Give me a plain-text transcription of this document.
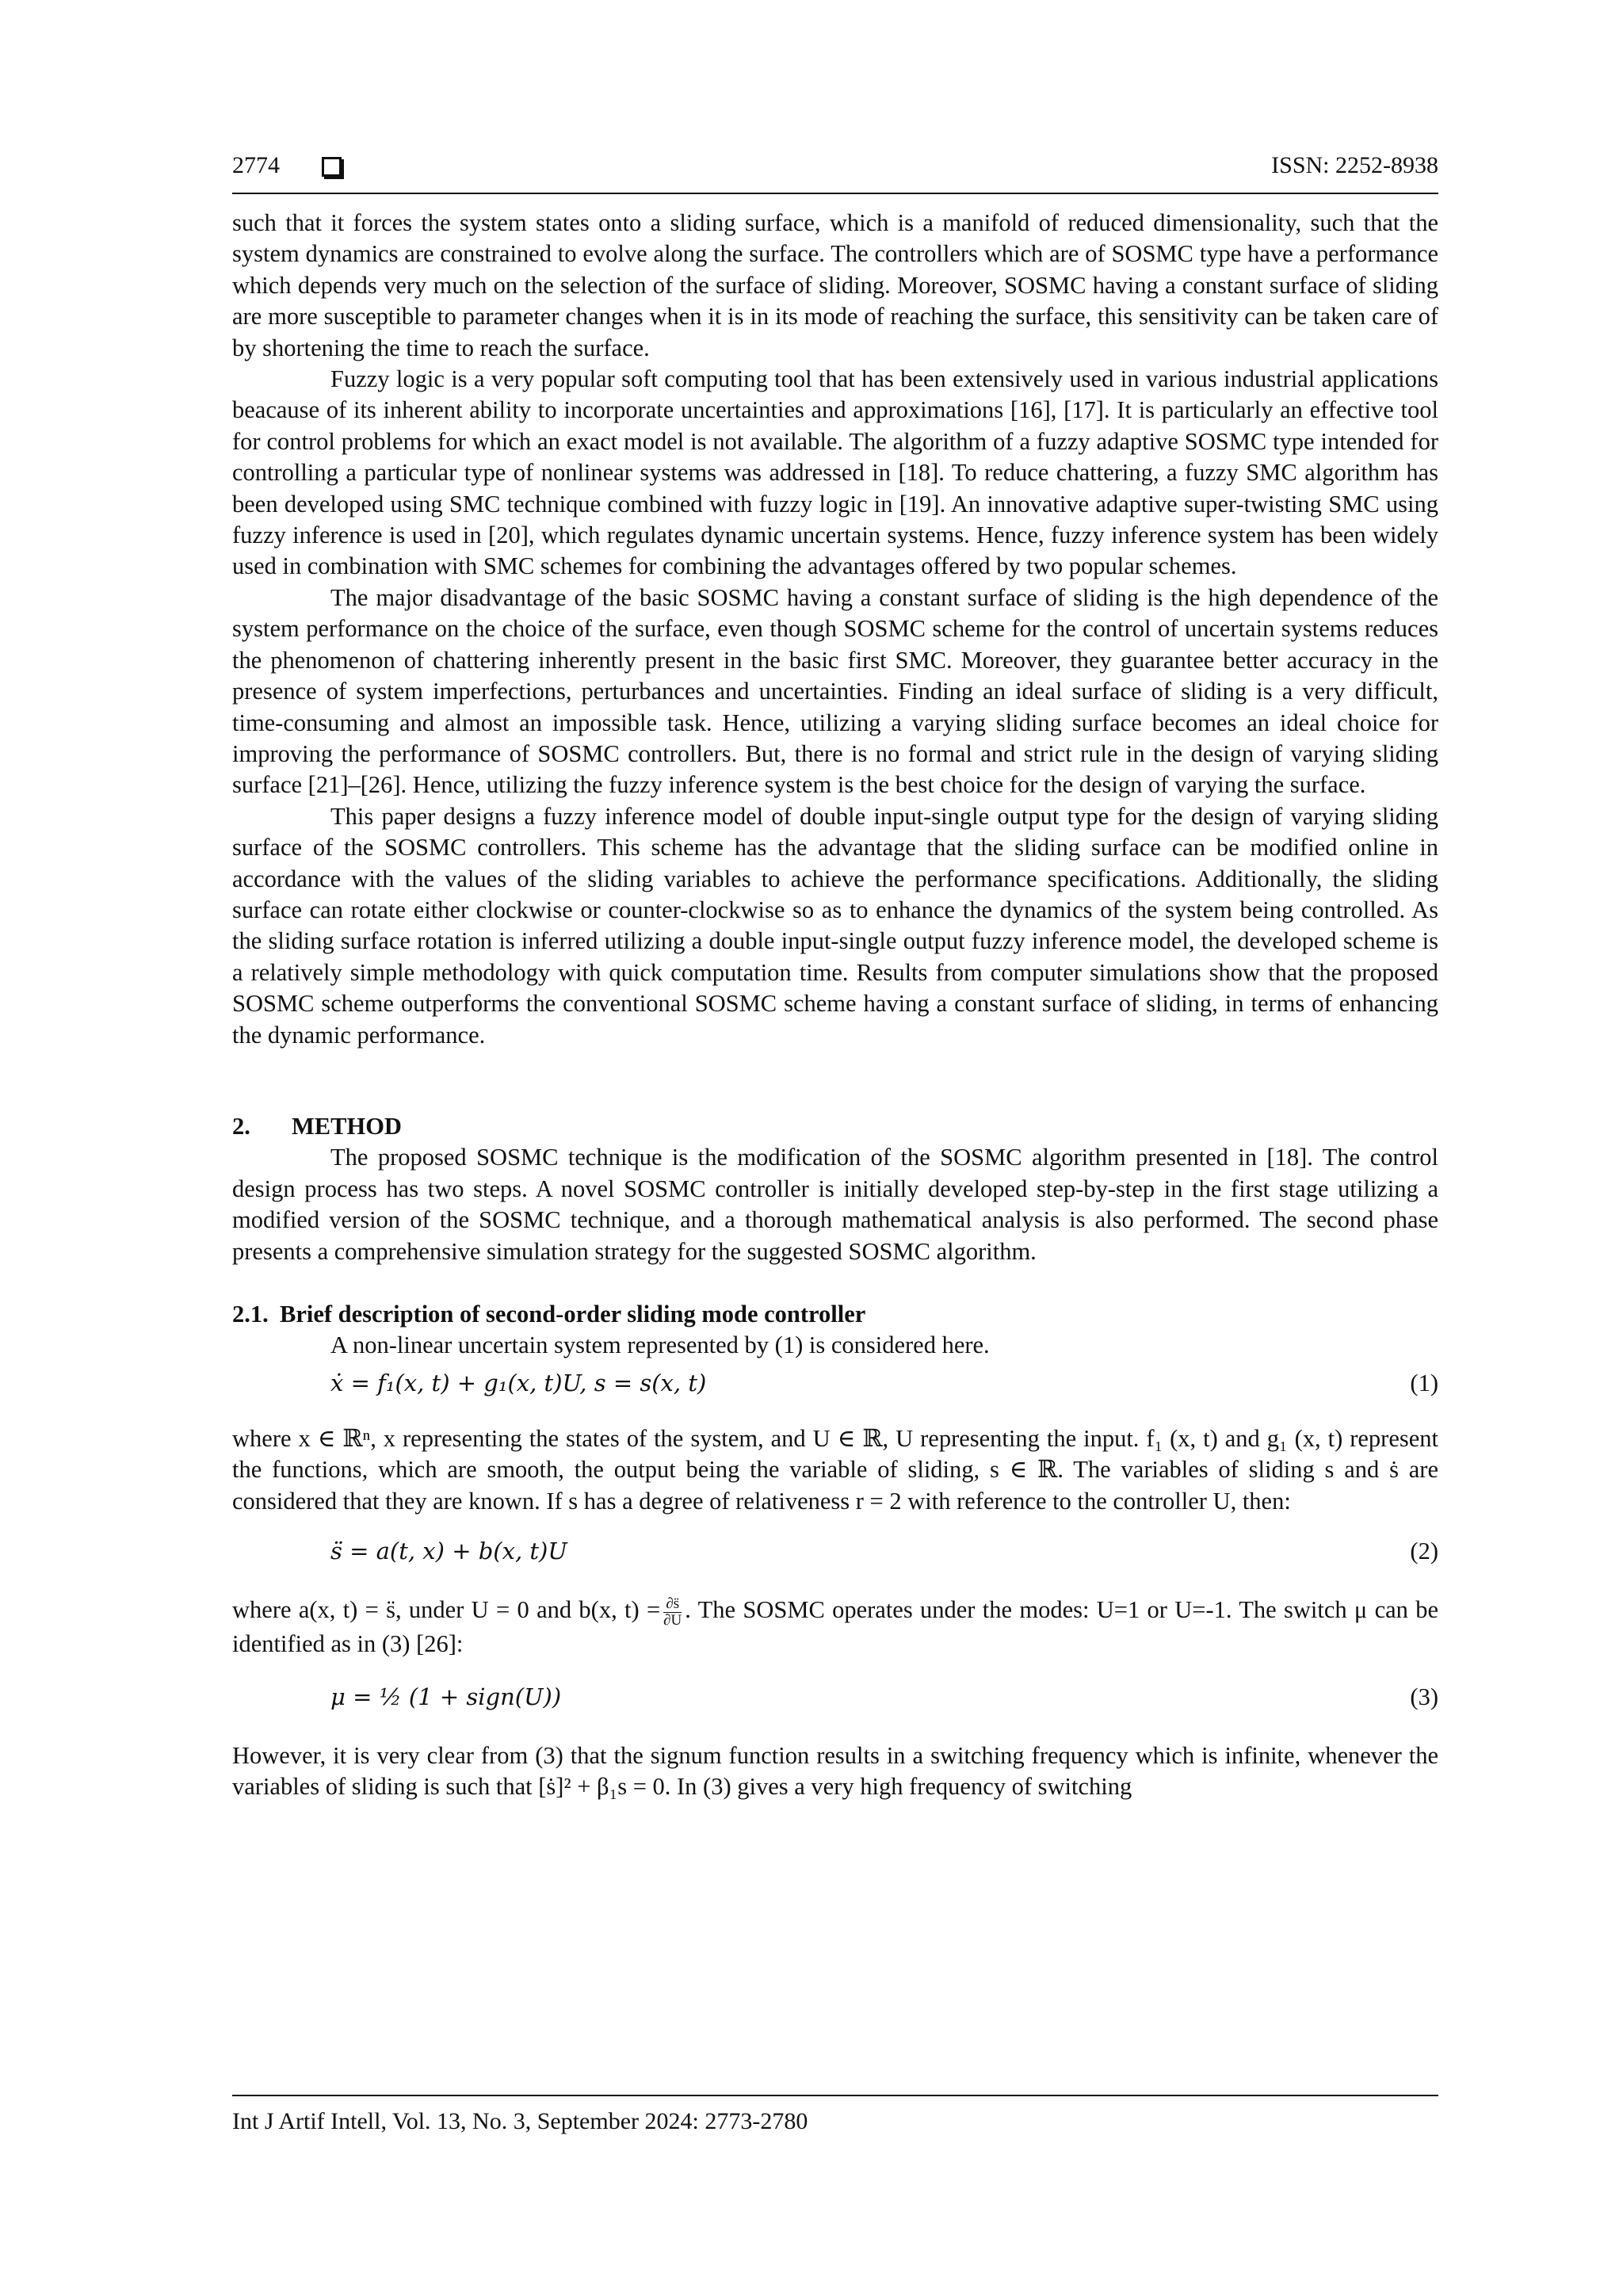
2774	ISSN: 2252-8938

such that it forces the system states onto a sliding surface, which is a manifold of reduced dimensionality, such that the system dynamics are constrained to evolve along the surface. The controllers which are of SOSMC type have a performance which depends very much on the selection of the surface of sliding. Moreover, SOSMC having a constant surface of sliding are more susceptible to parameter changes when it is in its mode of reaching the surface, this sensitivity can be taken care of by shortening the time to reach the surface.

Fuzzy logic is a very popular soft computing tool that has been extensively used in various industrial applications beacause of its inherent ability to incorporate uncertainties and approximations [16], [17]. It is particularly an effective tool for control problems for which an exact model is not available. The algorithm of a fuzzy adaptive SOSMC type intended for controlling a particular type of nonlinear systems was addressed in [18]. To reduce chattering, a fuzzy SMC algorithm has been developed using SMC technique combined with fuzzy logic in [19]. An innovative adaptive super-twisting SMC using fuzzy inference is used in [20], which regulates dynamic uncertain systems. Hence, fuzzy inference system has been widely used in combination with SMC schemes for combining the advantages offered by two popular schemes.

The major disadvantage of the basic SOSMC having a constant surface of sliding is the high dependence of the system performance on the choice of the surface, even though SOSMC scheme for the control of uncertain systems reduces the phenomenon of chattering inherently present in the basic first SMC. Moreover, they guarantee better accuracy in the presence of system imperfections, perturbances and uncertainties. Finding an ideal surface of sliding is a very difficult, time-consuming and almost an impossible task. Hence, utilizing a varying sliding surface becomes an ideal choice for improving the performance of SOSMC controllers. But, there is no formal and strict rule in the design of varying sliding surface [21]–[26]. Hence, utilizing the fuzzy inference system is the best choice for the design of varying the surface.

This paper designs a fuzzy inference model of double input-single output type for the design of varying sliding surface of the SOSMC controllers. This scheme has the advantage that the sliding surface can be modified online in accordance with the values of the sliding variables to achieve the performance specifications. Additionally, the sliding surface can rotate either clockwise or counter-clockwise so as to enhance the dynamics of the system being controlled. As the sliding surface rotation is inferred utilizing a double input-single output fuzzy inference model, the developed scheme is a relatively simple methodology with quick computation time. Results from computer simulations show that the proposed SOSMC scheme outperforms the conventional SOSMC scheme having a constant surface of sliding, in terms of enhancing the dynamic performance.

2. METHOD

The proposed SOSMC technique is the modification of the SOSMC algorithm presented in [18]. The control design process has two steps. A novel SOSMC controller is initially developed step-by-step in the first stage utilizing a modified version of the SOSMC technique, and a thorough mathematical analysis is also performed. The second phase presents a comprehensive simulation strategy for the suggested SOSMC algorithm.

2.1. Brief description of second-order sliding mode controller

A non-linear uncertain system represented by (1) is considered here.

ẋ = f₁(x, t) + g₁(x, t)U, s = s(x, t)	(1)

where x ∈ ℝⁿ, x representing the states of the system, and U ∈ ℝ, U representing the input. f₁ (x, t) and g₁ (x, t) represent the functions, which are smooth, the output being the variable of sliding, s ∈ ℝ. The variables of sliding s and ṡ are considered that they are known. If s has a degree of relativeness r = 2 with reference to the controller U, then:

s̈ = a(t, x) + b(x, t)U	(2)

where a(x, t) = s̈, under U = 0 and b(x, $t) = \frac{\partial s̈}{\partial U}$ . The SOSMC operates under the modes: U=1 or U=-1. The switch μ can be identified as in (3) [26]:

μ = ½ (1 + sign(U))	(3)

However, it is very clear from (3) that the signum function results in a switching frequency which is infinite, whenever the variables of sliding is such that [ṡ]² + β₁s = 0. In (3) gives a very high frequency of switching

Int J Artif Intell, Vol. 13, No. 3, September 2024: 2773-2780
